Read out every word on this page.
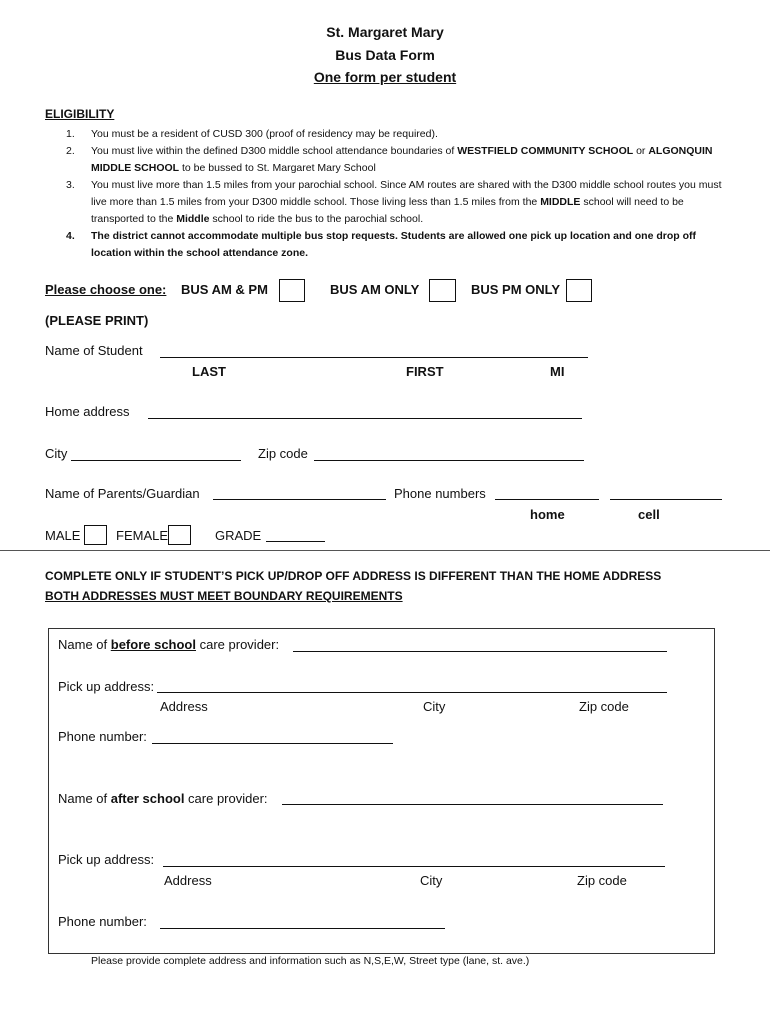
St. Margaret Mary
Bus Data Form
One form per student
ELIGIBILITY
1. You must be a resident of CUSD 300 (proof of residency may be required).
2. You must live within the defined D300 middle school attendance boundaries of WESTFIELD COMMUNITY SCHOOL or ALGONQUIN MIDDLE SCHOOL to be bussed to St. Margaret Mary School
3. You must live more than 1.5 miles from your parochial school. Since AM routes are shared with the D300 middle school routes you must live more than 1.5 miles from your D300 middle school. Those living less than 1.5 miles from the MIDDLE school will need to be transported to the Middle school to ride the bus to the parochial school.
4. The district cannot accommodate multiple bus stop requests. Students are allowed one pick up location and one drop off location within the school attendance zone.
Please choose one: BUS AM & PM	BUS AM ONLY	BUS PM ONLY
(PLEASE PRINT)
Name of Student
LAST	FIRST	MI
Home address
City	Zip code
Name of Parents/Guardian	Phone numbers
home	cell
MALE	FEMALE	GRADE
COMPLETE ONLY IF STUDENT’S PICK UP/DROP OFF ADDRESS IS DIFFERENT THAN THE HOME ADDRESS
BOTH ADDRESSES MUST MEET BOUNDARY REQUIREMENTS
Name of before school care provider:
Pick up address:
Address	City	Zip code
Phone number:
Name of after school care provider:
Pick up address:
Address	City	Zip code
Phone number:
Please provide complete address and information such as N,S,E,W, Street type (lane, st. ave.)
